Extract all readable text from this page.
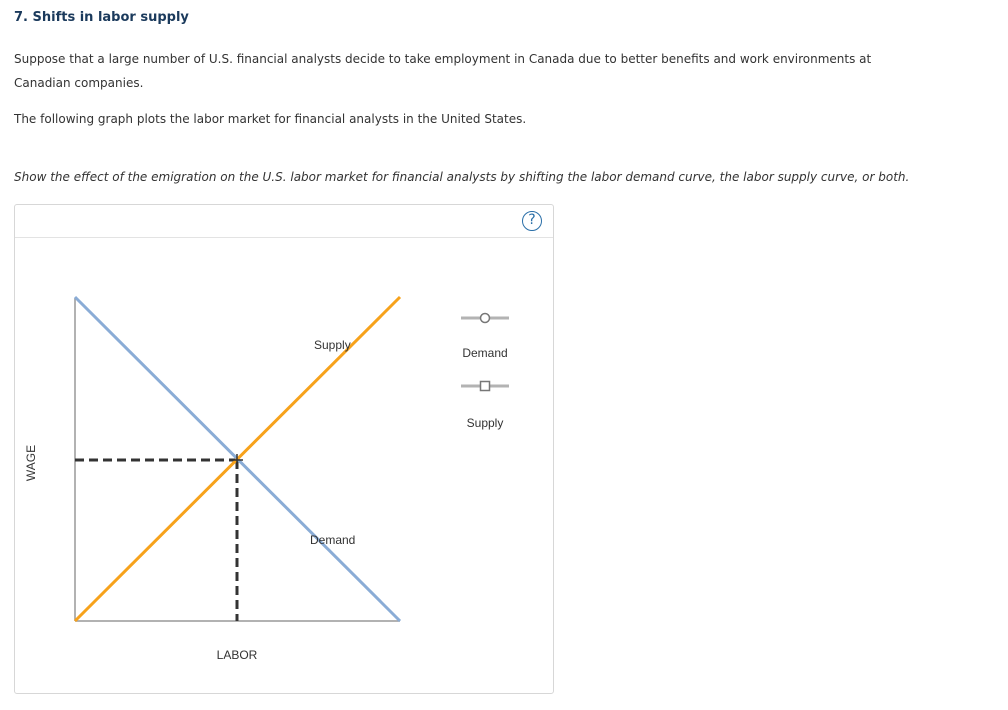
7. Shifts in labor supply
Suppose that a large number of U.S. financial analysts decide to take employment in Canada due to better benefits and work environments at
Canadian companies.
The following graph plots the labor market for financial analysts in the United States.
Show the effect of the emigration on the U.S. labor market for financial analysts by shifting the labor demand curve, the labor supply curve, or both.
?
Supply
Demand
WAGE
LABOR
Demand
Supply
